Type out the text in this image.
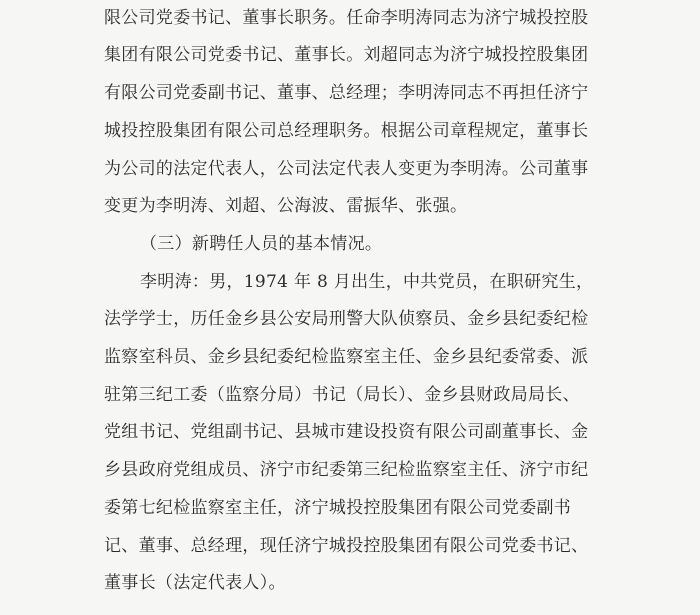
限公司党委书记、董事长职务。任命李明涛同志为济宁城投控股
集团有限公司党委书记、董事长。刘超同志为济宁城投控股集团
有限公司党委副书记、董事、总经理；李明涛同志不再担任济宁
城投控股集团有限公司总经理职务。根据公司章程规定，董事长
为公司的法定代表人，公司法定代表人变更为李明涛。公司董事
变更为李明涛、刘超、公海波、雷振华、张强。
（三）新聘任人员的基本情况。
李明涛：男，1974 年 8 月出生，中共党员，在职研究生，
法学学士，历任金乡县公安局刑警大队侦察员、金乡县纪委纪检
监察室科员、金乡县纪委纪检监察室主任、金乡县纪委常委、派
驻第三纪工委（监察分局）书记（局长）、金乡县财政局局长、
党组书记、党组副书记、县城市建设投资有限公司副董事长、金
乡县政府党组成员、济宁市纪委第三纪检监察室主任、济宁市纪
委第七纪检监察室主任，济宁城投控股集团有限公司党委副书
记、董事、总经理，现任济宁城投控股集团有限公司党委书记、
董事长（法定代表人）。
